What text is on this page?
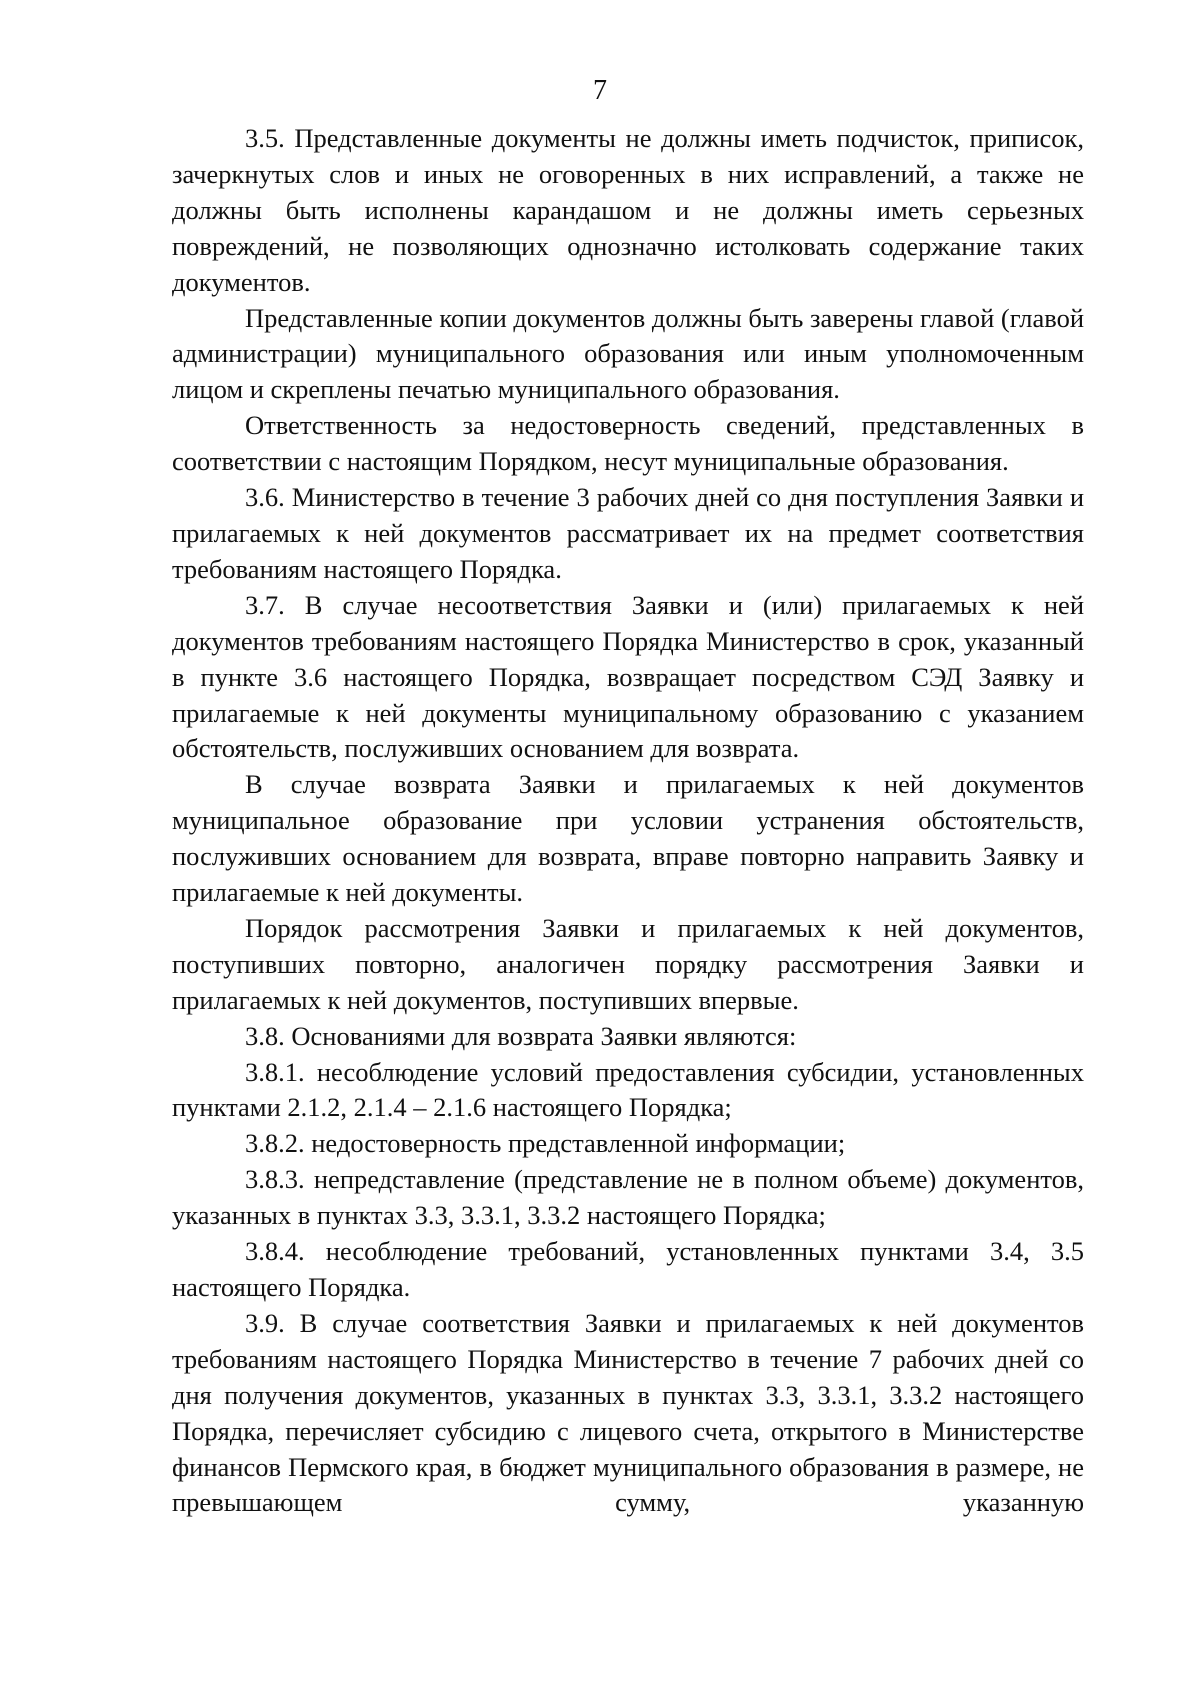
7

3.5. Представленные документы не должны иметь подчисток, приписок, зачеркнутых слов и иных не оговоренных в них исправлений, а также не должны быть исполнены карандашом и не должны иметь серьезных повреждений, не позволяющих однозначно истолковать содержание таких документов.

Представленные копии документов должны быть заверены главой (главой администрации) муниципального образования или иным уполномоченным лицом и скреплены печатью муниципального образования.

Ответственность за недостоверность сведений, представленных в соответствии с настоящим Порядком, несут муниципальные образования.

3.6. Министерство в течение 3 рабочих дней со дня поступления Заявки и прилагаемых к ней документов рассматривает их на предмет соответствия требованиям настоящего Порядка.

3.7. В случае несоответствия Заявки и (или) прилагаемых к ней документов требованиям настоящего Порядка Министерство в срок, указанный в пункте 3.6 настоящего Порядка, возвращает посредством СЭД Заявку и прилагаемые к ней документы муниципальному образованию с указанием обстоятельств, послуживших основанием для возврата.

В случае возврата Заявки и прилагаемых к ней документов муниципальное образование при условии устранения обстоятельств, послуживших основанием для возврата, вправе повторно направить Заявку и прилагаемые к ней документы.

Порядок рассмотрения Заявки и прилагаемых к ней документов, поступивших повторно, аналогичен порядку рассмотрения Заявки и прилагаемых к ней документов, поступивших впервые.

3.8. Основаниями для возврата Заявки являются:

3.8.1. несоблюдение условий предоставления субсидии, установленных пунктами 2.1.2, 2.1.4 – 2.1.6 настоящего Порядка;

3.8.2. недостоверность представленной информации;

3.8.3. непредставление (представление не в полном объеме) документов, указанных в пунктах 3.3, 3.3.1, 3.3.2 настоящего Порядка;

3.8.4. несоблюдение требований, установленных пунктами 3.4, 3.5 настоящего Порядка.

3.9. В случае соответствия Заявки и прилагаемых к ней документов требованиям настоящего Порядка Министерство в течение 7 рабочих дней со дня получения документов, указанных в пунктах 3.3, 3.3.1, 3.3.2 настоящего Порядка, перечисляет субсидию с лицевого счета, открытого в Министерстве финансов Пермского края, в бюджет муниципального образования в размере, не превышающем сумму, указанную
